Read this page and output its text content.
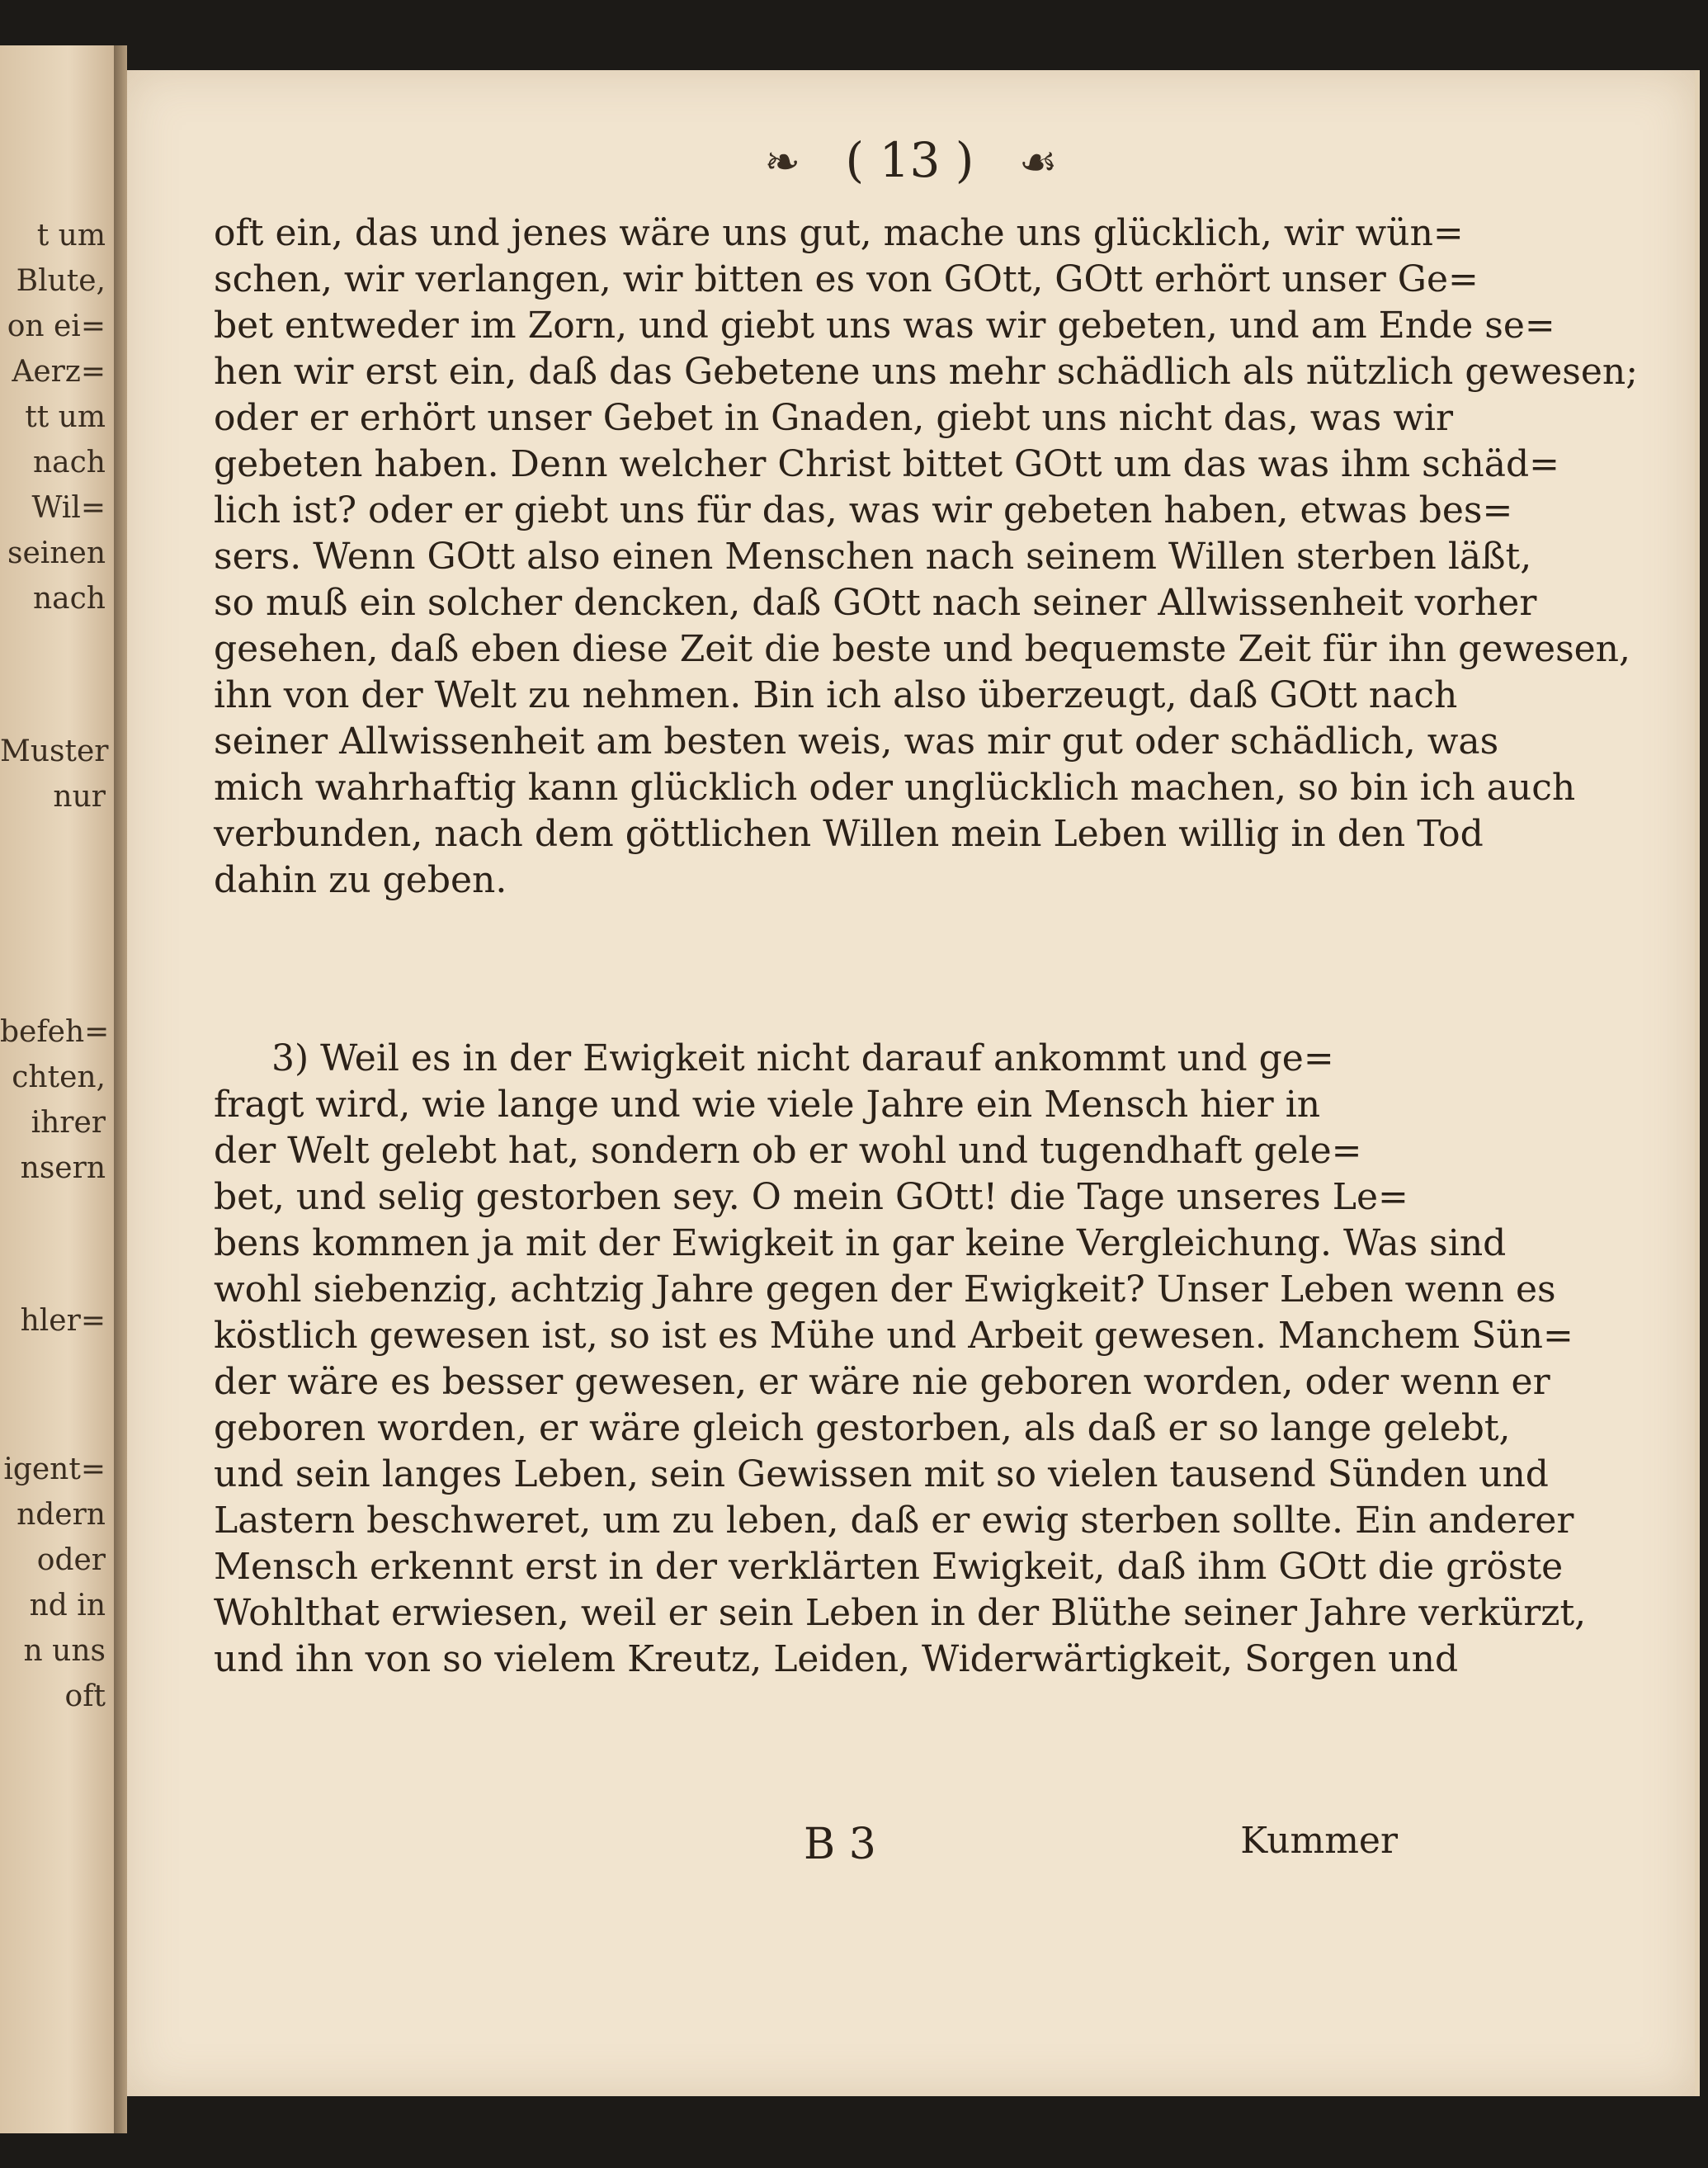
t um
Blute,
on ei=
Aerz=
tt um
nach
Wil=
seinen
nach
Muster
nur
befeh=
chten,
ihrer
nsern
hler=
igent=
ndern
oder
nd in
n uns
oft
❧ ( 13 ) ☙
oft ein, das und jenes wäre uns gut, mache uns glücklich, wir wün=
schen, wir verlangen, wir bitten es von GOtt, GOtt erhört unser Ge=
bet entweder im Zorn, und giebt uns was wir gebeten, und am Ende se=
hen wir erst ein, daß das Gebetene uns mehr schädlich als nützlich gewesen;
oder er erhört unser Gebet in Gnaden, giebt uns nicht das, was wir
gebeten haben. Denn welcher Christ bittet GOtt um das was ihm schäd=
lich ist? oder er giebt uns für das, was wir gebeten haben, etwas bes=
sers. Wenn GOtt also einen Menschen nach seinem Willen sterben läßt,
so muß ein solcher dencken, daß GOtt nach seiner Allwissenheit vorher
gesehen, daß eben diese Zeit die beste und bequemste Zeit für ihn gewesen,
ihn von der Welt zu nehmen. Bin ich also überzeugt, daß GOtt nach
seiner Allwissenheit am besten weis, was mir gut oder schädlich, was
mich wahrhaftig kann glücklich oder unglücklich machen, so bin ich auch
verbunden, nach dem göttlichen Willen mein Leben willig in den Tod
dahin zu geben.
3) Weil es in der Ewigkeit nicht darauf ankommt und ge=
fragt wird, wie lange und wie viele Jahre ein Mensch hier in
der Welt gelebt hat, sondern ob er wohl und tugendhaft gele=
bet, und selig gestorben sey. O mein GOtt! die Tage unseres Le=
bens kommen ja mit der Ewigkeit in gar keine Vergleichung. Was sind
wohl siebenzig, achtzig Jahre gegen der Ewigkeit? Unser Leben wenn es
köstlich gewesen ist, so ist es Mühe und Arbeit gewesen. Manchem Sün=
der wäre es besser gewesen, er wäre nie geboren worden, oder wenn er
geboren worden, er wäre gleich gestorben, als daß er so lange gelebt,
und sein langes Leben, sein Gewissen mit so vielen tausend Sünden und
Lastern beschweret, um zu leben, daß er ewig sterben sollte. Ein anderer
Mensch erkennt erst in der verklärten Ewigkeit, daß ihm GOtt die gröste
Wohlthat erwiesen, weil er sein Leben in der Blüthe seiner Jahre verkürzt,
und ihn von so vielem Kreutz, Leiden, Widerwärtigkeit, Sorgen und
B 3	Kummer
